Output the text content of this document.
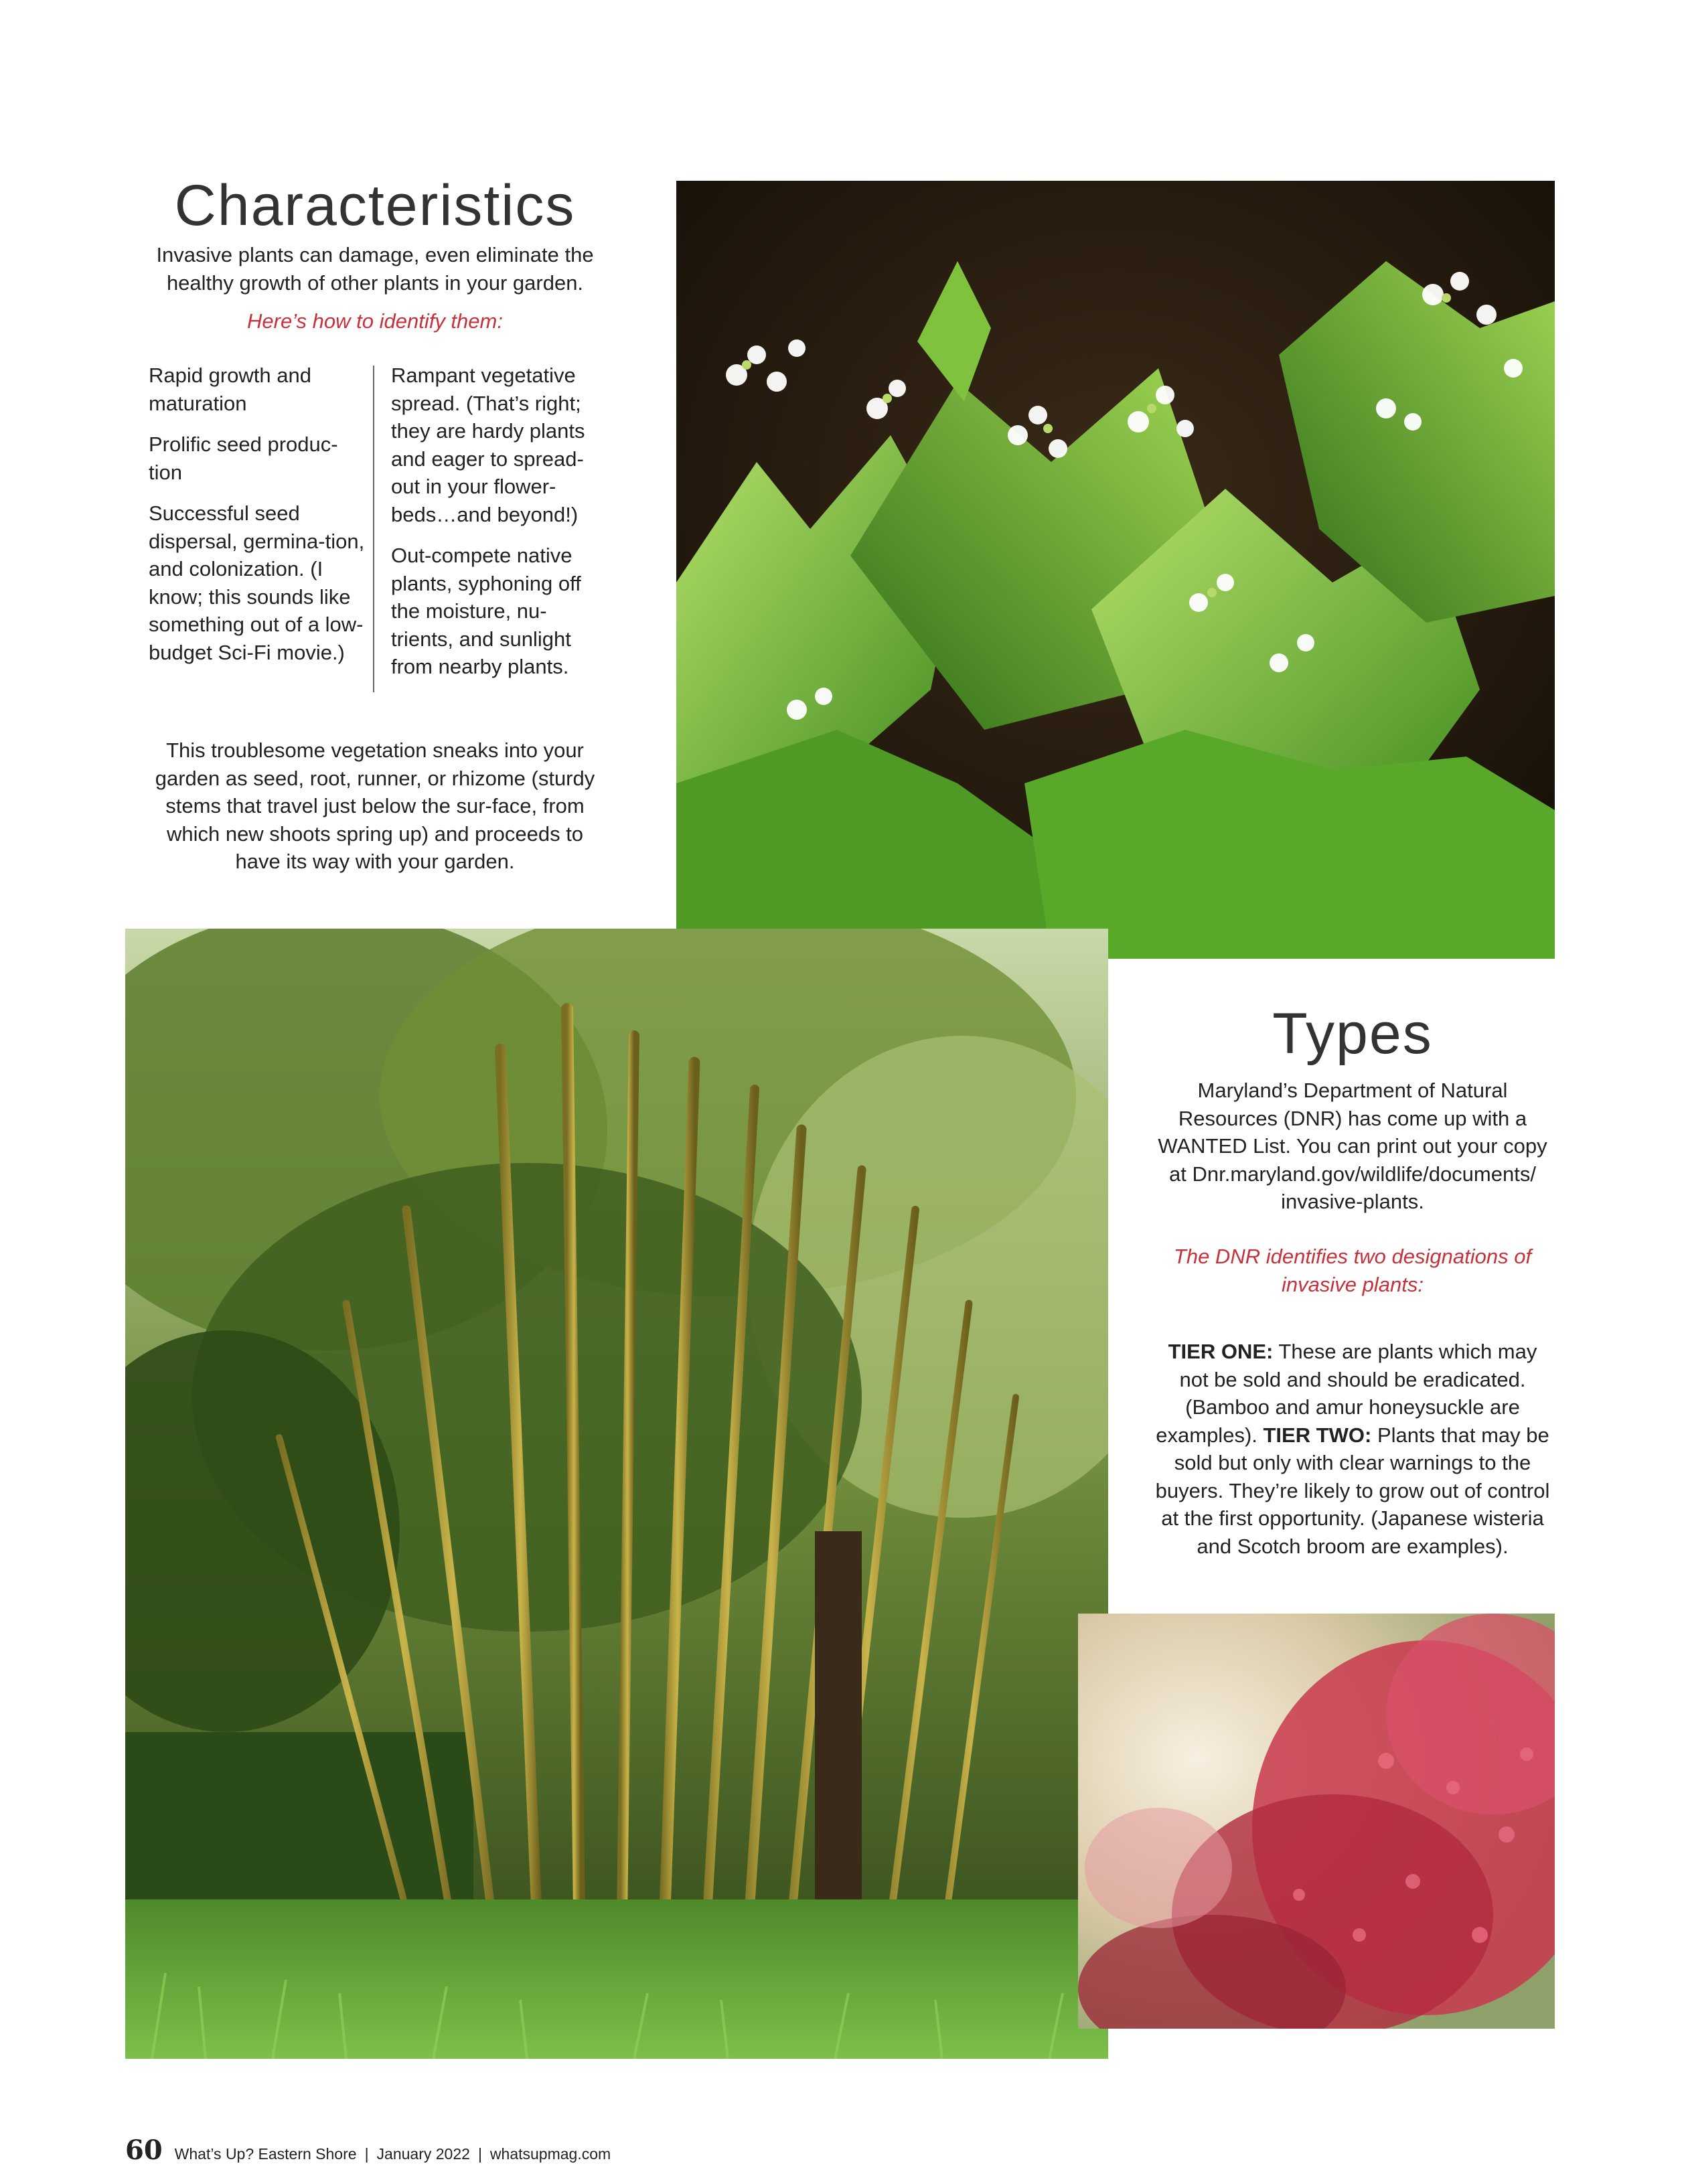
Characteristics
Invasive plants can damage, even eliminate the healthy growth of other plants in your garden.
Here’s how to identify them:

Rapid growth and maturation

Prolific seed produc-tion

Successful seed dispersal, germina-tion, and colonization. (I know; this sounds like something out of a low-budget Sci-Fi movie.)

Rampant vegetative spread. (That’s right; they are hardy plants and eager to spread-out in your flower-beds…and beyond!)

Out-compete native plants, syphoning off the moisture, nu-trients, and sunlight from nearby plants.

This troublesome vegetation sneaks into your garden as seed, root, runner, or rhizome (sturdy stems that travel just below the sur-face, from which new shoots spring up) and proceeds to have its way with your garden.
Types
Maryland’s Department of Natural Resources (DNR) has come up with a WANTED List. You can print out your copy at Dnr.maryland.gov/wildlife/documents/ invasive-plants.
The DNR identifies two designations of invasive plants:
TIER ONE: These are plants which may not be sold and should be eradicated. (Bamboo and amur honeysuckle are examples). TIER TWO: Plants that may be sold but only with clear warnings to the buyers. They’re likely to grow out of control at the first opportunity. (Japanese wisteria and Scotch broom are examples).
60 What’s Up? Eastern Shore | January 2022 | whatsupmag.com
